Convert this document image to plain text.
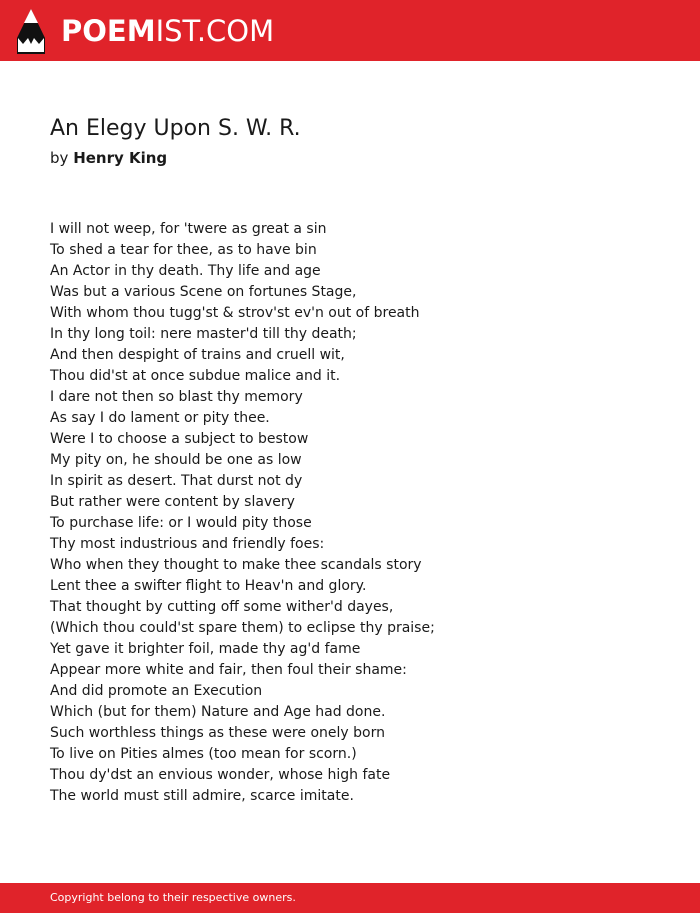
POEMIST.COM
An Elegy Upon S. W. R.
by Henry King
I will not weep, for 'twere as great a sin
To shed a tear for thee, as to have bin
An Actor in thy death. Thy life and age
Was but a various Scene on fortunes Stage,
With whom thou tugg'st & strov'st ev'n out of breath
In thy long toil: nere master'd till thy death;
And then despight of trains and cruell wit,
Thou did'st at once subdue malice and it.
I dare not then so blast thy memory
As say I do lament or pity thee.
Were I to choose a subject to bestow
My pity on, he should be one as low
In spirit as desert. That durst not dy
But rather were content by slavery
To purchase life: or I would pity those
Thy most industrious and friendly foes:
Who when they thought to make thee scandals story
Lent thee a swifter flight to Heav'n and glory.
That thought by cutting off some wither'd dayes,
(Which thou could'st spare them) to eclipse thy praise;
Yet gave it brighter foil, made thy ag'd fame
Appear more white and fair, then foul their shame:
And did promote an Execution
Which (but for them) Nature and Age had done.
Such worthless things as these were onely born
To live on Pities almes (too mean for scorn.)
Thou dy'dst an envious wonder, whose high fate
The world must still admire, scarce imitate.
Copyright belong to their respective owners.
